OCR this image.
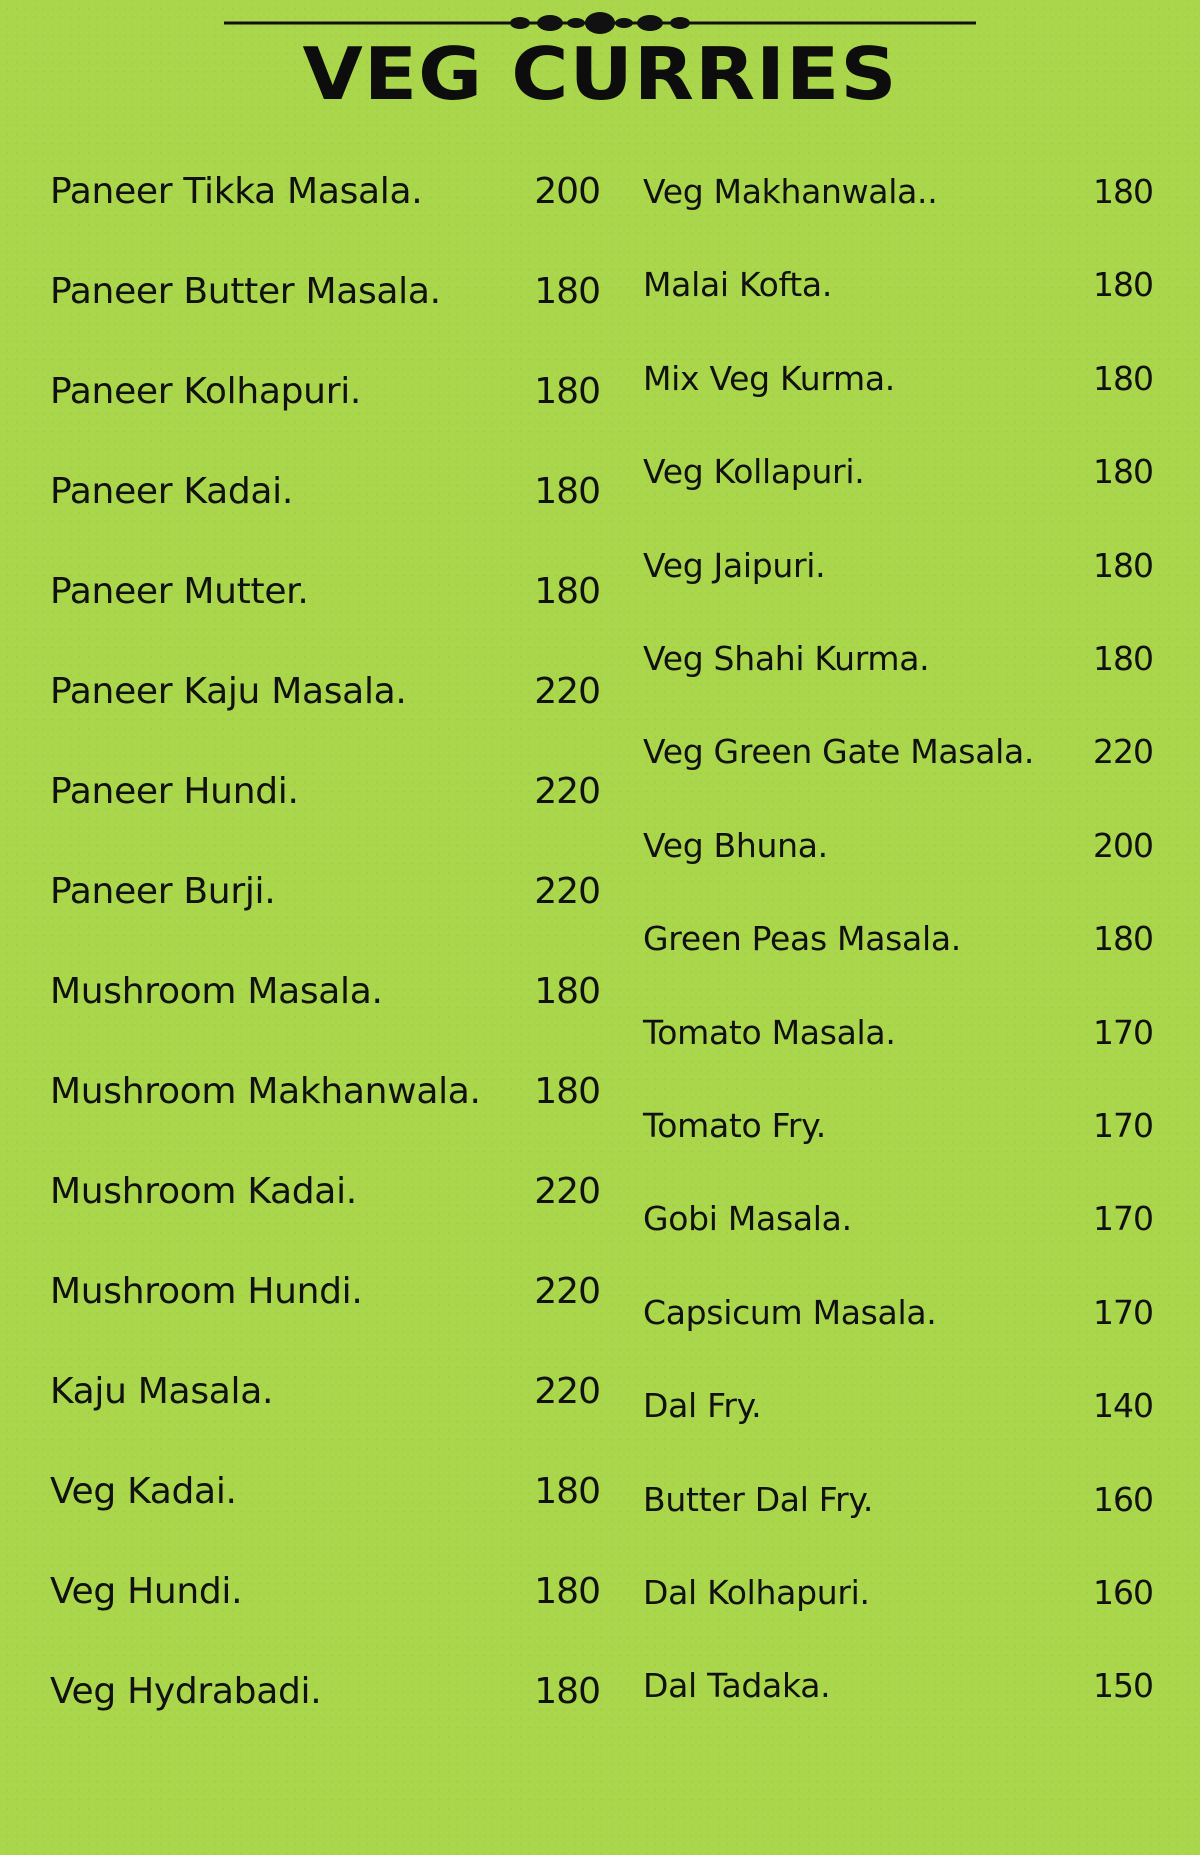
VEG CURRIES
Paneer Tikka Masala.	200
Paneer Butter Masala.	180
Paneer Kolhapuri.	180
Paneer Kadai.	180
Paneer Mutter.	180
Paneer Kaju Masala.	220
Paneer Hundi.	220
Paneer Burji.	220
Mushroom Masala.	180
Mushroom Makhanwala. 180
Mushroom Kadai.	220
Mushroom Hundi.	220
Kaju Masala.	220
Veg Kadai.	180
Veg Hundi.	180
Veg Hydrabadi.	180
Veg Makhanwala..	180
Malai Kofta.	180
Mix Veg Kurma.	180
Veg Kollapuri.	180
Veg Jaipuri.	180
Veg Shahi Kurma.	180
Veg Green Gate Masala. 220
Veg Bhuna.	200
Green Peas Masala.	180
Tomato Masala.	170
Tomato Fry.	170
Gobi Masala.	170
Capsicum Masala.	170
Dal Fry.	140
Butter Dal Fry.	160
Dal Kolhapuri.	160
Dal Tadaka.	150
